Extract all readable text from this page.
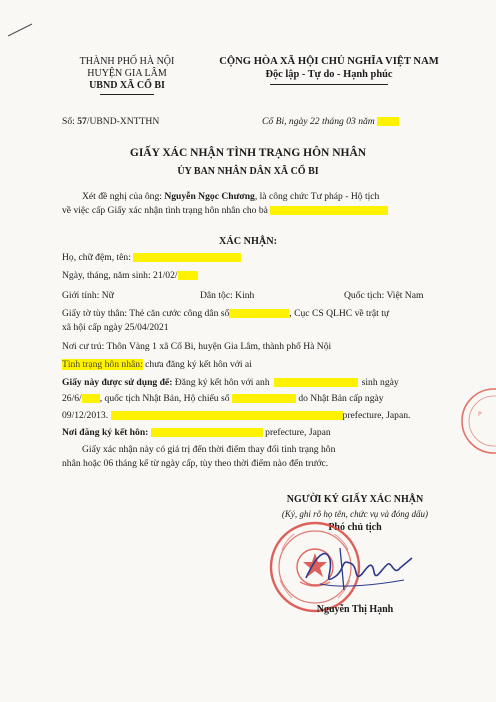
THÀNH PHỐ HÀ NỘI
HUYỆN GIA LÂM
UBND XÃ CỔ BI
CỘNG HÒA XÃ HỘI CHỦ NGHĨA VIỆT NAM
Độc lập - Tự do - Hạnh phúc
Số: 57/UBND-XNTTHN	Cổ Bi, ngày 22 tháng 03 năm
GIẤY XÁC NHẬN TÌNH TRẠNG HÔN NHÂN
ỦY BAN NHÂN DÂN XÃ CỔ BI
Xét đề nghị của ông: Nguyễn Ngọc Chương, là công chức Tư pháp - Hộ tịch
về việc cấp Giấy xác nhận tình trạng hôn nhân cho bà
XÁC NHẬN:
Họ, chữ đệm, tên:
Ngày, tháng, năm sinh: 21/02/
Giới tính: Nữ	Dân tộc: Kinh	Quốc tịch: Việt Nam
Giấy tờ tùy thân: Thẻ căn cước công dân số	, Cục CS QLHC về trật tự
xã hội cấp ngày 25/04/2021
Nơi cư trú: Thôn Vàng 1 xã Cổ Bi, huyện Gia Lâm, thành phố Hà Nội
Tình trạng hôn nhân: chưa đăng ký kết hôn với ai
Giấy này được sử dụng để: Đăng ký kết hôn với anh	sinh ngày
26/6/ , quốc tịch Nhật Bản, Hộ chiếu số	do Nhật Bản cấp ngày
09/12/2013.	prefecture, Japan.
Nơi đăng ký kết hôn:	prefecture, Japan
Giấy xác nhận này có giá trị đến thời điểm thay đổi tình trạng hôn
nhân hoặc 06 tháng kể từ ngày cấp, tùy theo thời điểm nào đến trước.
P
NGƯỜI KÝ GIẤY XÁC NHẬN
(Ký, ghi rõ họ tên, chức vụ và đóng dấu)
Phó chủ tịch
Nguyễn Thị Hạnh
